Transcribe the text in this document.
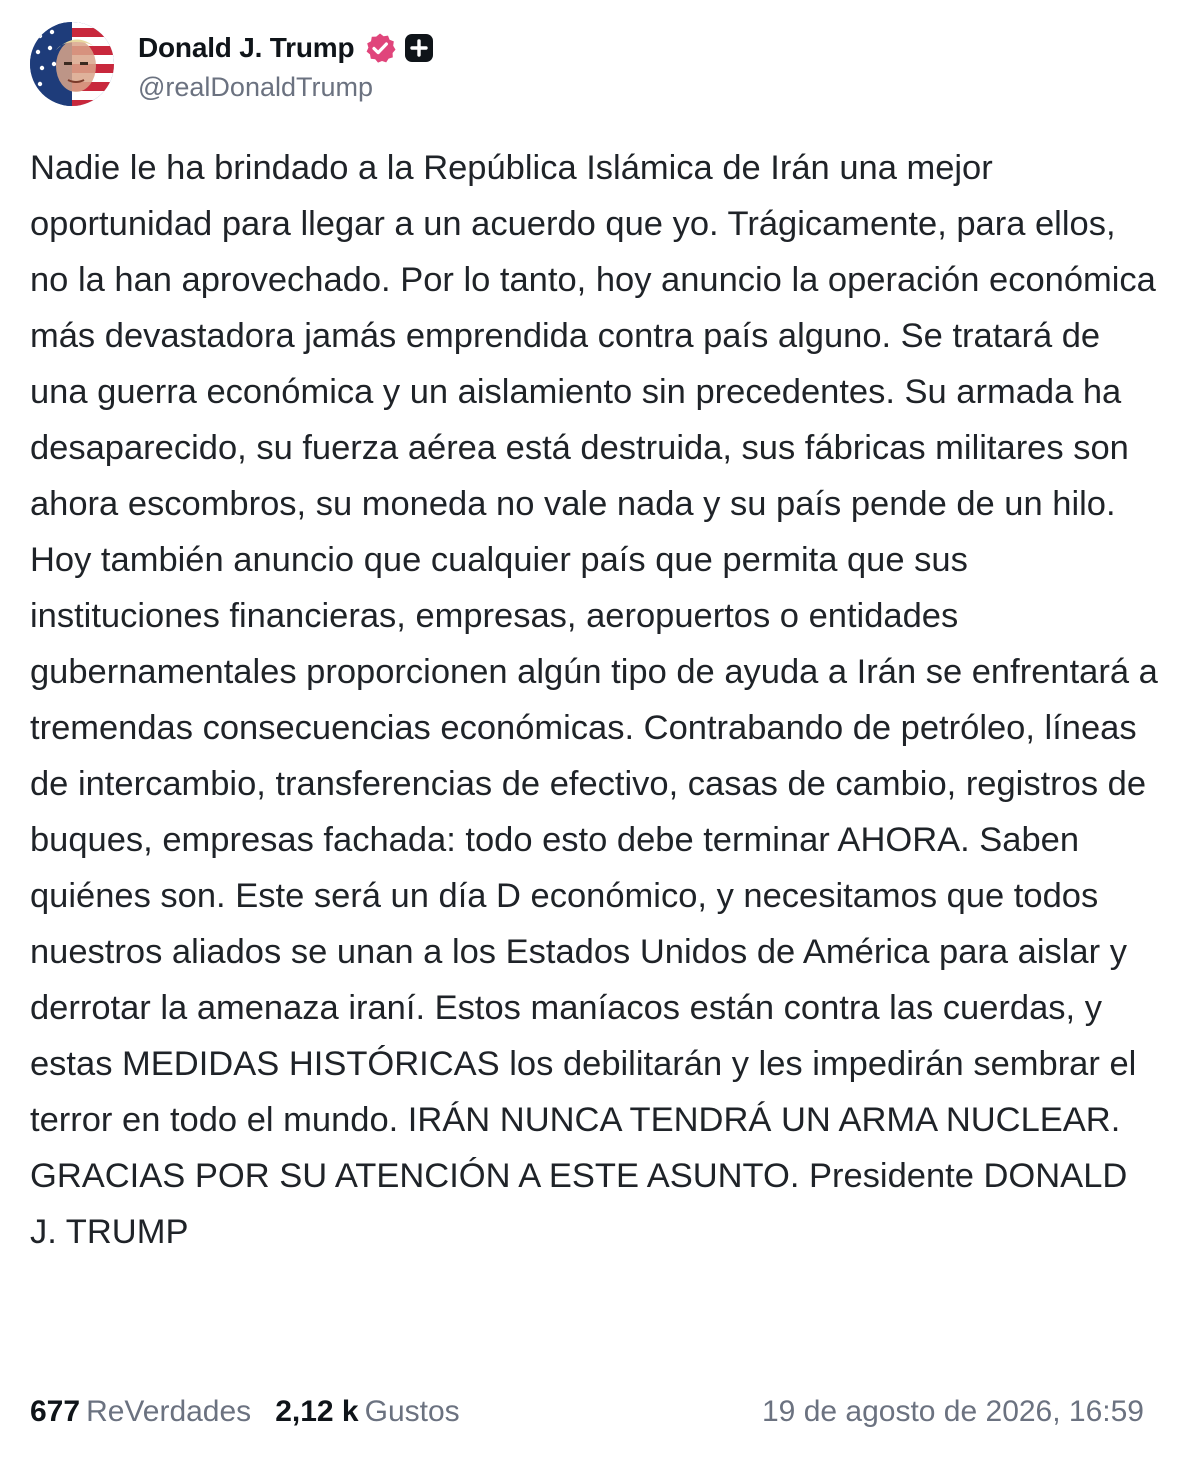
Donald J. Trump
@realDonaldTrump
Nadie le ha brindado a la República Islámica de Irán una mejor oportunidad para llegar a un acuerdo que yo. Trágicamente, para ellos, no la han aprovechado. Por lo tanto, hoy anuncio la operación económica más devastadora jamás emprendida contra país alguno. Se tratará de una guerra económica y un aislamiento sin precedentes. Su armada ha desaparecido, su fuerza aérea está destruida, sus fábricas militares son ahora escombros, su moneda no vale nada y su país pende de un hilo. Hoy también anuncio que cualquier país que permita que sus instituciones financieras, empresas, aeropuertos o entidades gubernamentales proporcionen algún tipo de ayuda a Irán se enfrentará a tremendas consecuencias económicas. Contrabando de petróleo, líneas de intercambio, transferencias de efectivo, casas de cambio, registros de buques, empresas fachada: todo esto debe terminar AHORA. Saben quiénes son. Este será un día D económico, y necesitamos que todos nuestros aliados se unan a los Estados Unidos de América para aislar y derrotar la amenaza iraní. Estos maníacos están contra las cuerdas, y estas MEDIDAS HISTÓRICAS los debilitarán y les impedirán sembrar el terror en todo el mundo. IRÁN NUNCA TENDRÁ UN ARMA NUCLEAR. GRACIAS POR SU ATENCIÓN A ESTE ASUNTO. Presidente DONALD J. TRUMP
677 ReVerdades 2,12 k Gustos	19 de agosto de 2026, 16:59
